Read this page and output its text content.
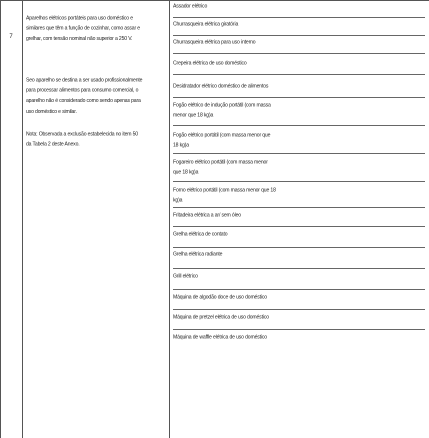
7
Aparelhos elétricos portáteis para uso doméstico e
similares que têm a função de cozinhar, como assar e
grelhar, com tensão nominal não superior a 250 V.
Seo aparelho se destina a ser usado profissionalmente
para processar alimentos para consumo comercial, o
aparelho não é considerado como sendo apenas para
uso doméstico e similar.
Nota: Observada a exclusão estabelecida no item 50
da Tabela 2 deste Anexo.
Assador elétrico
Churrasqueira elétrica giratória
Churrasqueira elétrica para uso interno
Crepeira elétrica de uso doméstico
Desidratador elétrico doméstico de alimentos
Fogão elétrico de indução portátil (com massa
menor que 18 kg)a
Fogão elétrico portátil (com massa menor que
18 kg)a
Fogareiro elétrico portátil (com massa menor
que 18 kg)a
Forno elétrico portátil (com massa menor que 18
kg)a
Fritadeira elétrica a ar/ sem óleo
Grelha elétrica de contato
Grelha elétrica radiante
Grill elétrico
Máquina de algodão doce de uso doméstico
Máquina de pretzel elétrica de uso doméstico
Máquina de waffle elétrica de uso doméstico
